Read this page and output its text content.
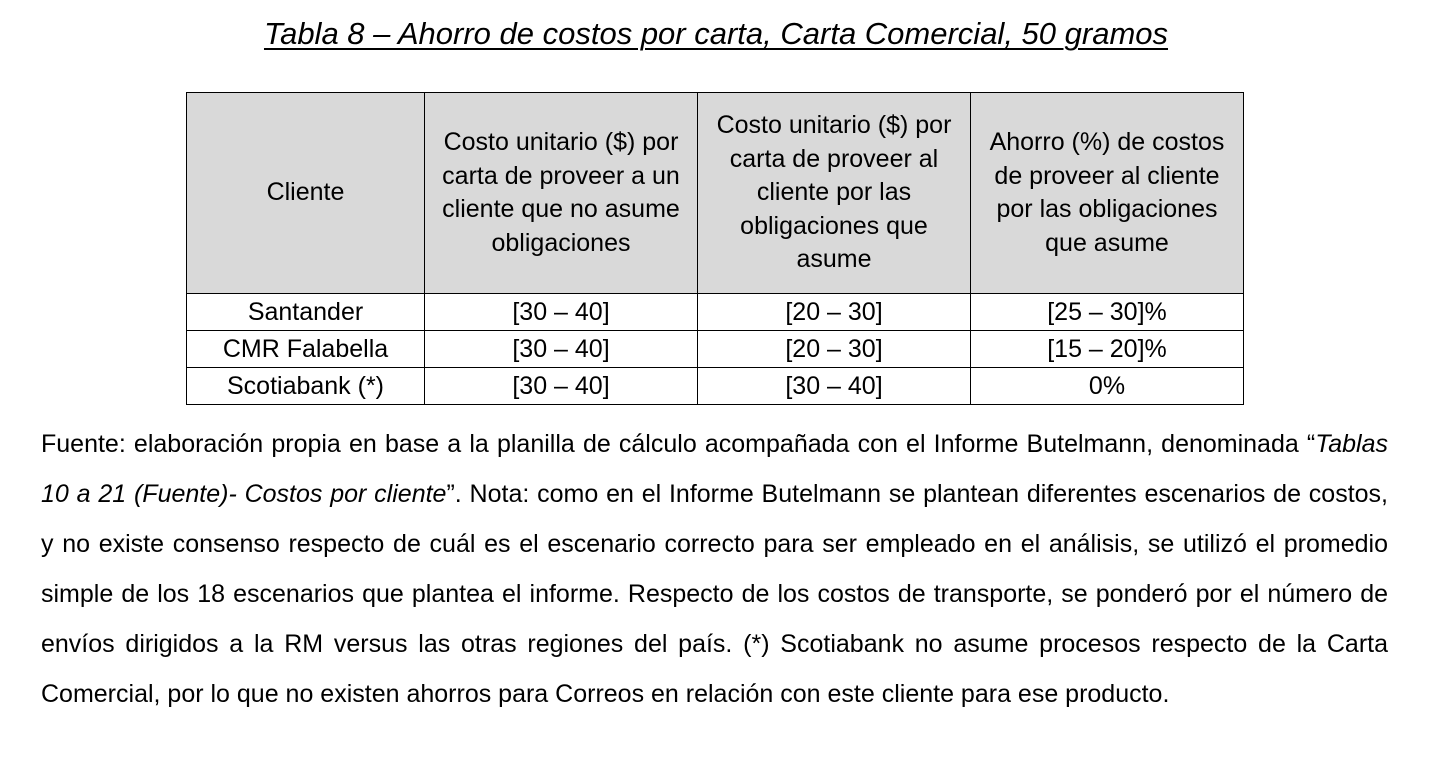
Tabla 8 – Ahorro de costos por carta, Carta Comercial, 50 gramos
Cliente	Costo unitario ($) por carta de proveer a un cliente que no asume obligaciones	Costo unitario ($) por carta de proveer al cliente por las obligaciones que asume	Ahorro (%) de costos de proveer al cliente por las obligaciones que asume
Santander	[30 – 40]	[20 – 30]	[25 – 30]%
CMR Falabella	[30 – 40]	[20 – 30]	[15 – 20]%
Scotiabank (*)	[30 – 40]	[30 – 40]	0%

Fuente: elaboración propia en base a la planilla de cálculo acompañada con el Informe Butelmann, denominada “Tablas 10 a 21 (Fuente)- Costos por cliente”. Nota: como en el Informe Butelmann se plantean diferentes escenarios de costos, y no existe consenso respecto de cuál es el escenario correcto para ser empleado en el análisis, se utilizó el promedio simple de los 18 escenarios que plantea el informe. Respecto de los costos de transporte, se ponderó por el número de envíos dirigidos a la RM versus las otras regiones del país. (*) Scotiabank no asume procesos respecto de la Carta Comercial, por lo que no existen ahorros para Correos en relación con este cliente para ese producto.
